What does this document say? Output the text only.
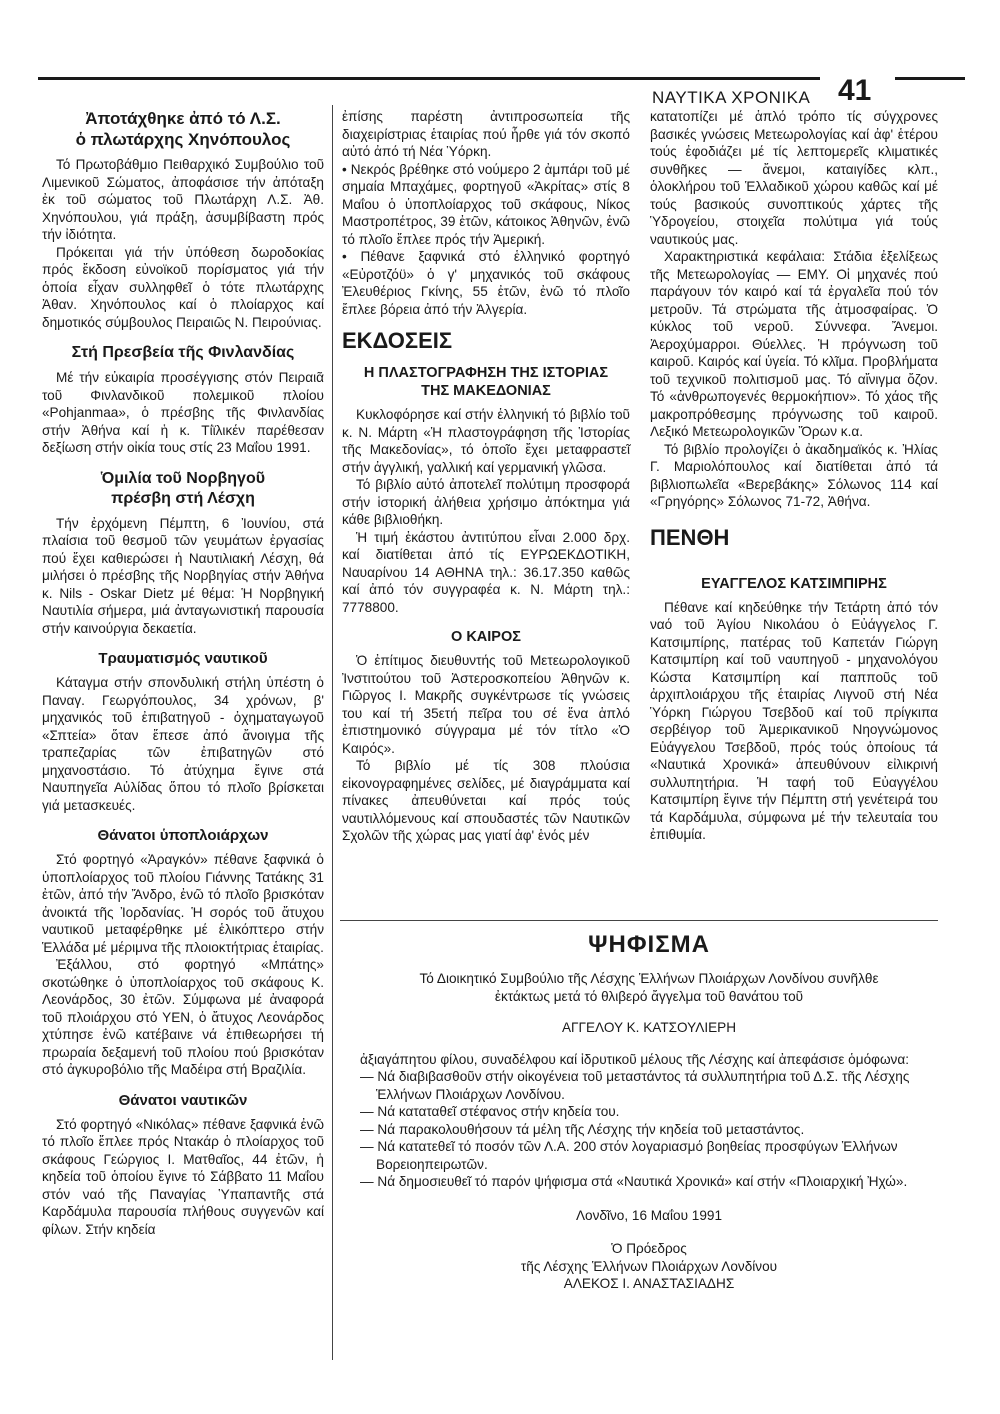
ΝΑΥΤΙΚΑ ΧΡΟΝΙΚΑ 41
Ἀποτάχθηκε ἀπό τό Λ.Σ.
ὁ πλωτάρχης Χηνόπουλος

Τό Πρωτοβάθμιο Πειθαρχικό Συμβούλιο τοῦ Λιμενικοῦ Σώματος, ἀποφάσισε τήν ἀπόταξη ἐκ τοῦ σώματος τοῦ Πλωτάρχη Λ.Σ. Ἀθ. Χηνόπουλου, γιά πράξη, ἀσυμβίβαστη πρός τήν ἰδιότητα.

Πρόκειται γιά τήν ὑπόθεση δωροδοκίας πρός ἔκδοση εὐνοϊκοῦ πορίσματος γιά τήν ὁποία εἶχαν συλληφθεῖ ὁ τότε πλωτάρχης Ἀθαν. Χηνόπουλος καί ὁ πλοίαρχος καί δημοτικός σύμβουλος Πειραιῶς Ν. Πειρούνιας.

Στή Πρεσβεία τῆς Φινλανδίας

Μέ τήν εὐκαιρία προσέγγισης στόν Πειραιᾶ τοῦ Φινλανδικοῦ πολεμικοῦ πλοίου «Pohjanmaa», ὁ πρέσβης τῆς Φινλανδίας στήν Ἀθήνα καί ἡ κ. Τίϊλικέν παρέθεσαν δεξίωση στήν οἰκία τους στίς 23 Μαΐου 1991.

Ὁμιλία τοῦ Νορβηγοῦ
πρέσβη στή Λέσχη

Τήν ἐρχόμενη Πέμπτη, 6 Ἰουνίου, στά πλαίσια τοῦ θεσμοῦ τῶν γευμάτων ἐργασίας πού ἔχει καθιερώσει ἡ Ναυτιλιακή Λέσχη, θά μιλήσει ὁ πρέσβης τῆς Νορβηγίας στήν Ἀθήνα κ. Nils - Oskar Dietz μέ θέμα: Ἡ Νορβηγική Ναυτιλία σήμερα, μιά ἀνταγωνιστική παρουσία στήν καινούργια δεκαετία.

Τραυματισμός ναυτικοῦ

Κάταγμα στήν σπονδυλική στήλη ὑπέστη ὁ Παναγ. Γεωργόπουλος, 34 χρόνων, β' μηχανικός τοῦ ἐπιβατηγοῦ - ὀχηματαγωγοῦ «Σπτεία» ὅταν ἔπεσε ἀπό ἄνοιγμα τῆς τραπεζαρίας τῶν ἐπιβατηγῶν στό μηχανοστάσιο. Τό ἀτύχημα ἔγινε στά Ναυπηγεῖα Αὐλίδας ὅπου τό πλοῖο βρίσκεται γιά μετασκευές.

Θάνατοι ὑποπλοιάρχων

Στό φορτηγό «Ἀραγκόν» πέθανε ξαφνικά ὁ ὑποπλοίαρχος τοῦ πλοίου Γιάννης Τατάκης 31 ἐτῶν, ἀπό τήν Ἄνδρο, ἐνῶ τό πλοῖο βρισκόταν ἀνοικτά τῆς Ἰορδανίας. Ἡ σορός τοῦ ἄτυχου ναυτικοῦ μεταφέρθηκε μέ ἑλικόπτερο στήν Ἑλλάδα μέ μέριμνα τῆς πλοιοκτήτριας ἑταιρίας.

Ἐξάλλου, στό φορτηγό «Μπάτης» σκοτώθηκε ὁ ὑποπλοίαρχος τοῦ σκάφους Κ. Λεονάρδος, 30 ἐτῶν. Σύμφωνα μέ ἀναφορά τοῦ πλοιάρχου στό ΥΕΝ, ὁ ἄτυχος Λεονάρδος χτύπησε ἐνῶ κατέβαινε νά ἐπιθεωρήσει τή πρωραία δεξαμενή τοῦ πλοίου πού βρισκόταν στό ἀγκυροβόλιο τῆς Μαδέιρα στή Βραζιλία.

Θάνατοι ναυτικῶν

Στό φορτηγό «Νικόλας» πέθανε ξαφνικά ἐνῶ τό πλοῖο ἔπλεε πρός Ντακάρ ὁ πλοίαρχος τοῦ σκάφους Γεώργιος Ι. Ματθαῖος, 44 ἐτῶν, ἡ κηδεία τοῦ ὁποίου ἔγινε τό Σάββατο 11 Μαΐου στόν ναό τῆς Παναγίας Ὑπαπαντῆς στά Καρδάμυλα παρουσία πλήθους συγγενῶν καί φίλων. Στήν κηδεία

ἐπίσης παρέστη ἀντιπροσωπεία τῆς διαχειρίστριας ἑταιρίας πού ἦρθε γιά τόν σκοπό αὐτό ἀπό τή Νέα Ὑόρκη.

• Νεκρός βρέθηκε στό νούμερο 2 ἀμπάρι τοῦ μέ σημαία Μπαχάμες, φορτηγοῦ «Ἀκρίτας» στίς 8 Μαΐου ὁ ὑποπλοίαρχος τοῦ σκάφους, Νίκος Μαστροπέτρος, 39 ἐτῶν, κάτοικος Ἀθηνῶν, ἐνῶ τό πλοῖο ἔπλεε πρός τήν Ἀμερική.

• Πέθανε ξαφνικά στό ἑλληνικό φορτηγό «Εὐροτζόϋ» ὁ γ' μηχανικός τοῦ σκάφους Ἐλευθέριος Γκίνης, 55 ἐτῶν, ἐνῶ τό πλοῖο ἔπλεε βόρεια ἀπό τήν Ἀλγερία.

ΕΚΔΟΣΕΙΣ
Η ΠΛΑΣΤΟΓΡΑΦΗΣΗ ΤΗΣ ΙΣΤΟΡΙΑΣ
ΤΗΣ ΜΑΚΕΔΟΝΙΑΣ

Κυκλοφόρησε καί στήν ἑλληνική τό βιβλίο τοῦ κ. Ν. Μάρτη «Ἡ πλαστογράφηση τῆς Ἱστορίας τῆς Μακεδονίας», τό ὁποῖο ἔχει μεταφραστεῖ στήν ἀγγλική, γαλλική καί γερμανική γλῶσα.

Τό βιβλίο αὐτό ἀποτελεῖ πολύτιμη προσφορά στήν ἱστορική ἀλήθεια χρήσιμο ἀπόκτημα γιά κάθε βιβλιοθήκη.

Ἡ τιμή ἑκάστου ἀντιτύπου εἶναι 2.000 δρχ. καί διατίθεται ἀπό τίς ΕΥΡΩΕΚΔΟΤΙΚΗ, Ναυαρίνου 14 ΑΘΗΝΑ τηλ.: 36.17.350 καθῶς καί ἀπό τόν συγγραφέα κ. Ν. Μάρτη τηλ.: 7778800.

Ο ΚΑΙΡΟΣ

Ὁ ἐπίτιμος διευθυντής τοῦ Μετεωρολογικοῦ Ἰνστιτούτου τοῦ Ἀστεροσκοπείου Ἀθηνῶν κ. Γιῶργος Ι. Μακρῆς συγκέντρωσε τίς γνώσεις του καί τή 35ετή πεῖρα του σέ ἕνα ἁπλό ἐπιστημονικό σύγγραμα μέ τόν τίτλο «Ὁ Καιρός».

Τό βιβλίο μέ τίς 308 πλούσια εἰκονογραφημένες σελίδες, μέ διαγράμματα καί πίνακες ἀπευθύνεται καί πρός τούς ναυτιλλόμενους καί σπουδαστές τῶν Ναυτικῶν Σχολῶν τῆς χώρας μας γιατί ἀφ' ἑνός μέν

κατατοπίζει μέ ἁπλό τρόπο τίς σύγχρονες βασικές γνώσεις Μετεωρολογίας καί ἀφ' ἑτέρου τούς ἐφοδιάζει μέ τίς λεπτομερεῖς κλιματικές συνθῆκες — ἄνεμοι, καταιγίδες κλπ., ὁλοκλήρου τοῦ Ἑλλαδικοῦ χώρου καθῶς καί μέ τούς βασικούς συνοπτικούς χάρτες τῆς Ὑδρογείου, στοιχεῖα πολύτιμα γιά τούς ναυτικούς μας.

Χαρακτηριστικά κεφάλαια: Στάδια ἐξελίξεως τῆς Μετεωρολογίας — ΕΜΥ. Οἱ μηχανές πού παράγουν τόν καιρό καί τά ἐργαλεῖα πού τόν μετροῦν. Τά στρώματα τῆς ἀτμοσφαίρας. Ὁ κύκλος τοῦ νεροῦ. Σύννεφα. Ἄνεμοι. Ἀεροχύμαρροι. Θύελλες. Ἡ πρόγνωση τοῦ καιροῦ. Καιρός καί ὑγεία. Τό κλῖμα. Προβλήματα τοῦ τεχνικοῦ πολιτισμοῦ μας. Τό αἴνιγμα ὄζον. Τό «ἀνθρωπογενές θερμοκήπιον». Τό χάος τῆς μακροπρόθεσμης πρόγνωσης τοῦ καιροῦ. Λεξικό Μετεωρολογικῶν Ὅρων κ.α.

Τό βιβλίο προλογίζει ὁ ἀκαδημαϊκός κ. Ἠλίας Γ. Μαριολόπουλος καί διατίθεται ἀπό τά βιβλιοπωλεῖα «Βερεβάκης» Σόλωνος 114 καί «Γρηγόρης» Σόλωνος 71-72, Ἀθήνα.

ΠΕΝΘΗ
ΕΥΑΓΓΕΛΟΣ ΚΑΤΣΙΜΠΙΡΗΣ

Πέθανε καί κηδεύθηκε τήν Τετάρτη ἀπό τόν ναό τοῦ Ἁγίου Νικολάου ὁ Εὐάγγελος Γ. Κατσιμπίρης, πατέρας τοῦ Καπετάν Γιώργη Κατσιμπίρη καί τοῦ ναυπηγοῦ - μηχανολόγου Κώστα Κατσιμπίρη καί παπποῦς τοῦ ἀρχιπλοιάρχου τῆς ἑταιρίας Λιγνοῦ στή Νέα Ὑόρκη Γιώργου Τσεβδοῦ καί τοῦ πρίγκιπα σερβέιγορ τοῦ Ἀμερικανικοῦ Νηογνώμονος Εὐάγγελου Τσεβδοῦ, πρός τούς ὁποίους τά «Ναυτικά Χρονικά» ἀπευθύνουν εἰλικρινή συλλυπητήρια. Ἡ ταφή τοῦ Εὐαγγέλου Κατσιμπίρη ἔγινε τήν Πέμπτη στή γενέτειρά του τά Καρδάμυλα, σύμφωνα μέ τήν τελευταία του ἐπιθυμία.

ΨΗΦΙΣΜΑ
Τό Διοικητικό Συμβούλιο τῆς Λέσχης Ἑλλήνων Πλοιάρχων Λονδίνου συνῆλθε
ἐκτάκτως μετά τό θλιβερό ἄγγελμα τοῦ θανάτου τοῦ
ΑΓΓΕΛΟΥ Κ. ΚΑΤΣΟΥΛΙΕΡΗ
ἀξιαγάπητου φίλου, συναδέλφου καί ἱδρυτικοῦ μέλους τῆς Λέσχης καί ἀπεφάσισε ὁμόφωνα:
— Νά διαβιβασθοῦν στήν οἰκογένεια τοῦ μεταστάντος τά συλλυπητήρια τοῦ Δ.Σ. τῆς Λέσχης Ἑλλήνων Πλοιάρχων Λονδίνου.
— Νά καταταθεῖ στέφανος στήν κηδεία του.
— Νά παρακολουθήσουν τά μέλη τῆς Λέσχης τήν κηδεία τοῦ μεταστάντος.
— Νά κατατεθεῖ τό ποσόν τῶν Λ.Α. 200 στόν λογαριασμό βοηθείας προσφύγων Ἑλλήνων Βορειοηπειρωτῶν.
— Νά δημοσιευθεῖ τό παρόν ψήφισμα στά «Ναυτικά Χρονικά» καί στήν «Πλοιαρχική Ἠχώ».
Λονδῖνο, 16 Μαΐου 1991
Ὁ Πρόεδρος
τῆς Λέσχης Ἑλλήνων Πλοιάρχων Λονδίνου
ΑΛΕΚΟΣ Ι. ΑΝΑΣΤΑΣΙΑΔΗΣ
